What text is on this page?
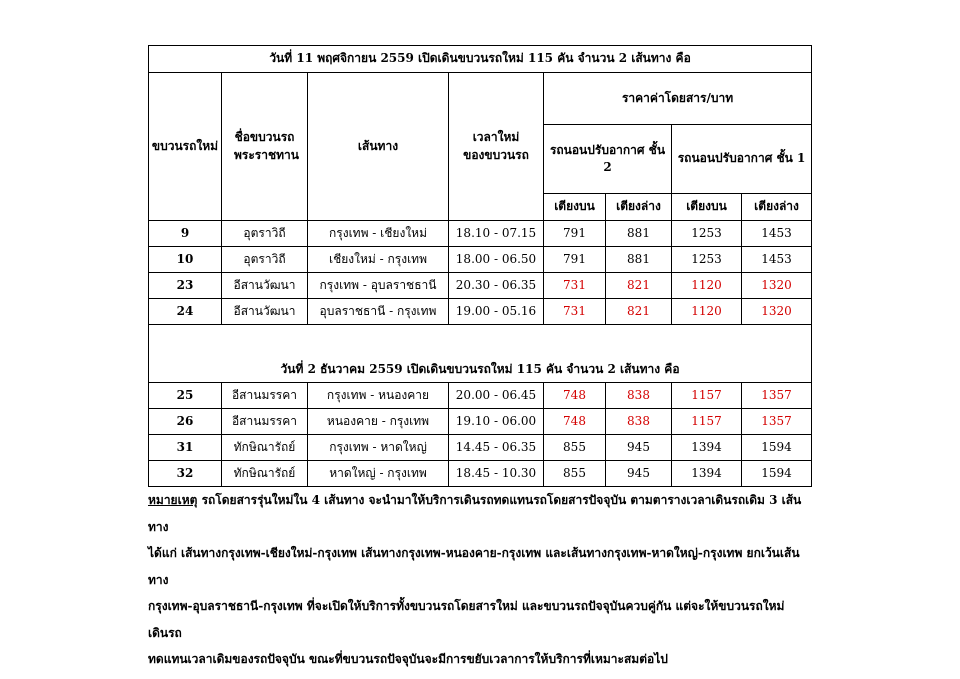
วันที่ 11 พฤศจิกายน 2559 เปิดเดินขบวนรถใหม่ 115 คัน จำนวน 2 เส้นทาง คือ							
ขบวนรถใหม่	ชื่อขบวนรถพระราชทาน	เส้นทาง	เวลาใหม่ของขบวนรถ	ราคาค่าโดยสาร/บาท			
				รถนอนปรับอากาศ ชั้น 2		รถนอนปรับอากาศ ชั้น 1	
				เตียงบน	เตียงล่าง	เตียงบน	เตียงล่าง
9	อุตราวิถี	กรุงเทพ - เชียงใหม่	18.10 - 07.15	791	881	1253	1453
10	อุตราวิถี	เชียงใหม่ - กรุงเทพ	18.00 - 06.50	791	881	1253	1453
23	อีสานวัฒนา	กรุงเทพ - อุบลราชธานี	20.30 - 06.35	731	821	1120	1320
24	อีสานวัฒนา	อุบลราชธานี - กรุงเทพ	19.00 - 05.16	731	821	1120	1320
วันที่ 2 ธันวาคม 2559 เปิดเดินขบวนรถใหม่ 115 คัน จำนวน 2 เส้นทาง คือ							
25	อีสานมรรคา	กรุงเทพ - หนองคาย	20.00 - 06.45	748	838	1157	1357
26	อีสานมรรคา	หนองคาย - กรุงเทพ	19.10 - 06.00	748	838	1157	1357
31	ทักษิณารัถย์	กรุงเทพ - หาดใหญ่	14.45 - 06.35	855	945	1394	1594
32	ทักษิณารัถย์	หาดใหญ่ - กรุงเทพ	18.45 - 10.30	855	945	1394	1594
หมายเหตุ รถโดยสารรุ่นใหม่ใน 4 เส้นทาง จะนำมาให้บริการเดินรถทดแทนรถโดยสารปัจจุบัน ตามตารางเวลาเดินรถเดิม 3 เส้นทาง
ได้แก่ เส้นทางกรุงเทพ-เชียงใหม่-กรุงเทพ เส้นทางกรุงเทพ-หนองคาย-กรุงเทพ และเส้นทางกรุงเทพ-หาดใหญ่-กรุงเทพ ยกเว้นเส้นทาง
กรุงเทพ-อุบลราชธานี-กรุงเทพ ที่จะเปิดให้บริการทั้งขบวนรถโดยสารใหม่ และขบวนรถปัจจุบันควบคู่กัน แต่จะให้ขบวนรถใหม่เดินรถ
ทดแทนเวลาเดิมของรถปัจจุบัน ขณะที่ขบวนรถปัจจุบันจะมีการขยับเวลาการให้บริการที่เหมาะสมต่อไป
